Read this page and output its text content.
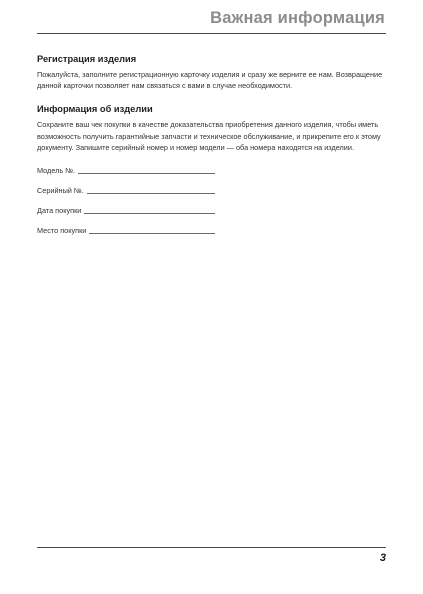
Важная информация
Регистрация изделия

Пожалуйста, заполните регистрационную карточку изделия и сразу же верните ее нам. Возвращение данной карточки позволяет нам связаться с вами в случае необходимости.

Информация об изделии

Сохраните ваш чек покупки в качестве доказательства приобретения данного изделия, чтобы иметь возможность получить гарантийные запчасти и техническое обслуживание, и прикрепите его к этому документу. Запишите серийный номер и номер модели — оба номера находятся на изделии.

Модель №.
Серийный №.
Дата покупки
Место покупки
3
